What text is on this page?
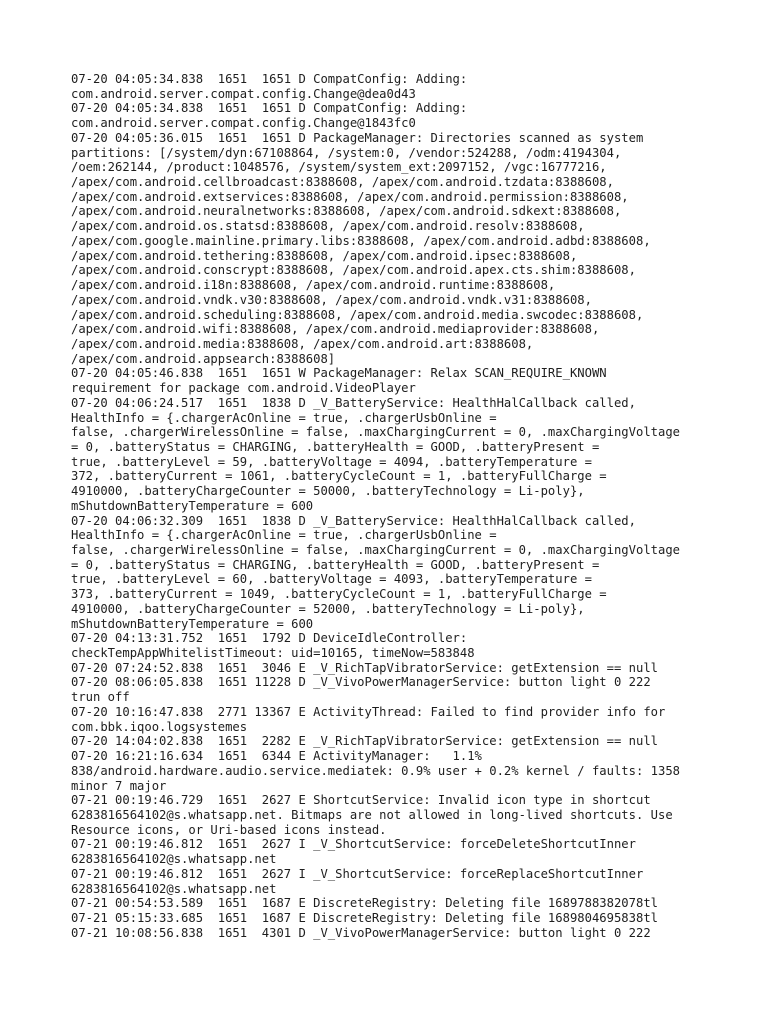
07-20 04:05:34.838  1651  1651 D CompatConfig: Adding:
com.android.server.compat.config.Change@dea0d43
07-20 04:05:34.838  1651  1651 D CompatConfig: Adding:
com.android.server.compat.config.Change@1843fc0
07-20 04:05:36.015  1651  1651 D PackageManager: Directories scanned as system
partitions: [/system/dyn:67108864, /system:0, /vendor:524288, /odm:4194304,
/oem:262144, /product:1048576, /system/system_ext:2097152, /vgc:16777216,
/apex/com.android.cellbroadcast:8388608, /apex/com.android.tzdata:8388608,
/apex/com.android.extservices:8388608, /apex/com.android.permission:8388608,
/apex/com.android.neuralnetworks:8388608, /apex/com.android.sdkext:8388608,
/apex/com.android.os.statsd:8388608, /apex/com.android.resolv:8388608,
/apex/com.google.mainline.primary.libs:8388608, /apex/com.android.adbd:8388608,
/apex/com.android.tethering:8388608, /apex/com.android.ipsec:8388608,
/apex/com.android.conscrypt:8388608, /apex/com.android.apex.cts.shim:8388608,
/apex/com.android.i18n:8388608, /apex/com.android.runtime:8388608,
/apex/com.android.vndk.v30:8388608, /apex/com.android.vndk.v31:8388608,
/apex/com.android.scheduling:8388608, /apex/com.android.media.swcodec:8388608,
/apex/com.android.wifi:8388608, /apex/com.android.mediaprovider:8388608,
/apex/com.android.media:8388608, /apex/com.android.art:8388608,
/apex/com.android.appsearch:8388608]
07-20 04:05:46.838  1651  1651 W PackageManager: Relax SCAN_REQUIRE_KNOWN
requirement for package com.android.VideoPlayer
07-20 04:06:24.517  1651  1838 D _V_BatteryService: HealthHalCallback called,
HealthInfo = {.chargerAcOnline = true, .chargerUsbOnline =
false, .chargerWirelessOnline = false, .maxChargingCurrent = 0, .maxChargingVoltage
= 0, .batteryStatus = CHARGING, .batteryHealth = GOOD, .batteryPresent =
true, .batteryLevel = 59, .batteryVoltage = 4094, .batteryTemperature =
372, .batteryCurrent = 1061, .batteryCycleCount = 1, .batteryFullCharge =
4910000, .batteryChargeCounter = 50000, .batteryTechnology = Li-poly},
mShutdownBatteryTemperature = 600
07-20 04:06:32.309  1651  1838 D _V_BatteryService: HealthHalCallback called,
HealthInfo = {.chargerAcOnline = true, .chargerUsbOnline =
false, .chargerWirelessOnline = false, .maxChargingCurrent = 0, .maxChargingVoltage
= 0, .batteryStatus = CHARGING, .batteryHealth = GOOD, .batteryPresent =
true, .batteryLevel = 60, .batteryVoltage = 4093, .batteryTemperature =
373, .batteryCurrent = 1049, .batteryCycleCount = 1, .batteryFullCharge =
4910000, .batteryChargeCounter = 52000, .batteryTechnology = Li-poly},
mShutdownBatteryTemperature = 600
07-20 04:13:31.752  1651  1792 D DeviceIdleController:
checkTempAppWhitelistTimeout: uid=10165, timeNow=583848
07-20 07:24:52.838  1651  3046 E _V_RichTapVibratorService: getExtension == null
07-20 08:06:05.838  1651 11228 D _V_VivoPowerManagerService: button light 0 222
trun off
07-20 10:16:47.838  2771 13367 E ActivityThread: Failed to find provider info for
com.bbk.iqoo.logsystemes
07-20 14:04:02.838  1651  2282 E _V_RichTapVibratorService: getExtension == null
07-20 16:21:16.634  1651  6344 E ActivityManager:   1.1%
838/android.hardware.audio.service.mediatek: 0.9% user + 0.2% kernel / faults: 1358
minor 7 major
07-21 00:19:46.729  1651  2627 E ShortcutService: Invalid icon type in shortcut
6283816564102@s.whatsapp.net. Bitmaps are not allowed in long-lived shortcuts. Use
Resource icons, or Uri-based icons instead.
07-21 00:19:46.812  1651  2627 I _V_ShortcutService: forceDeleteShortcutInner
6283816564102@s.whatsapp.net
07-21 00:19:46.812  1651  2627 I _V_ShortcutService: forceReplaceShortcutInner
6283816564102@s.whatsapp.net
07-21 00:54:53.589  1651  1687 E DiscreteRegistry: Deleting file 1689788382078tl
07-21 05:15:33.685  1651  1687 E DiscreteRegistry: Deleting file 1689804695838tl
07-21 10:08:56.838  1651  4301 D _V_VivoPowerManagerService: button light 0 222
